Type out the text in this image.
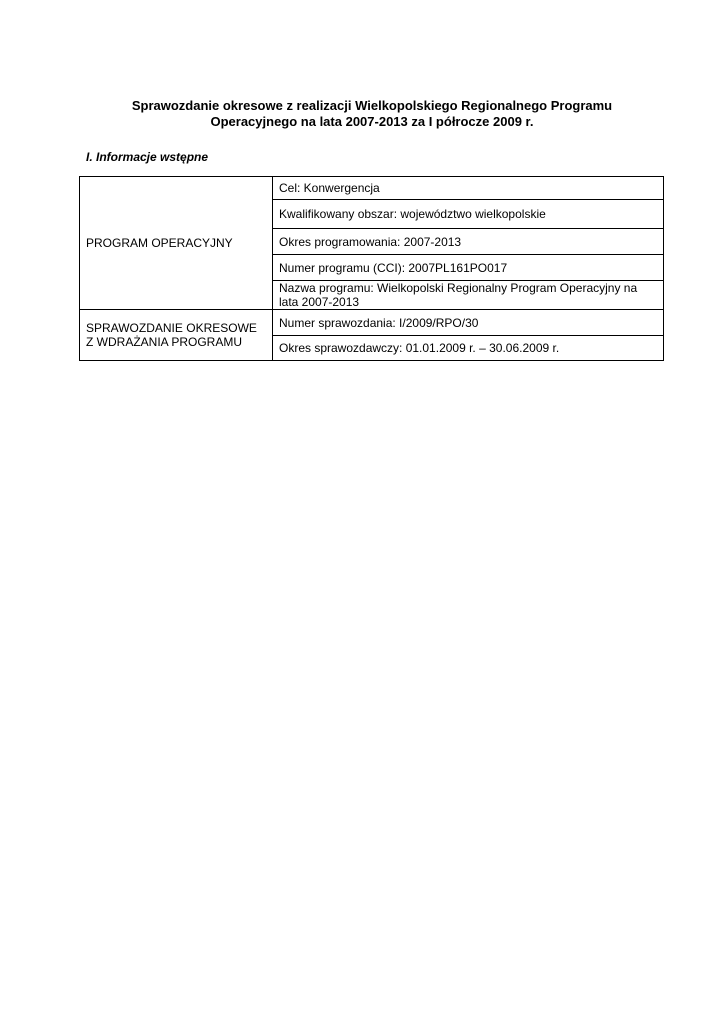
Sprawozdanie okresowe z realizacji Wielkopolskiego Regionalnego Programu
Operacyjnego na lata 2007-2013 za I półrocze 2009 r.
I. Informacje wstępne
PROGRAM OPERACYJNY	Cel: Konwergencja

	Kwalifikowany obszar: województwo wielkopolskie

	Okres programowania: 2007-2013

	Numer programu (CCI): 2007PL161PO017

	Nazwa programu: Wielkopolski Regionalny Program Operacyjny na lata 2007-2013

SPRAWOZDANIE OKRESOWE
Z WDRAŻANIA PROGRAMU	Numer sprawozdania: I/2009/RPO/30

	Okres sprawozdawczy: 01.01.2009 r. – 30.06.2009 r.
